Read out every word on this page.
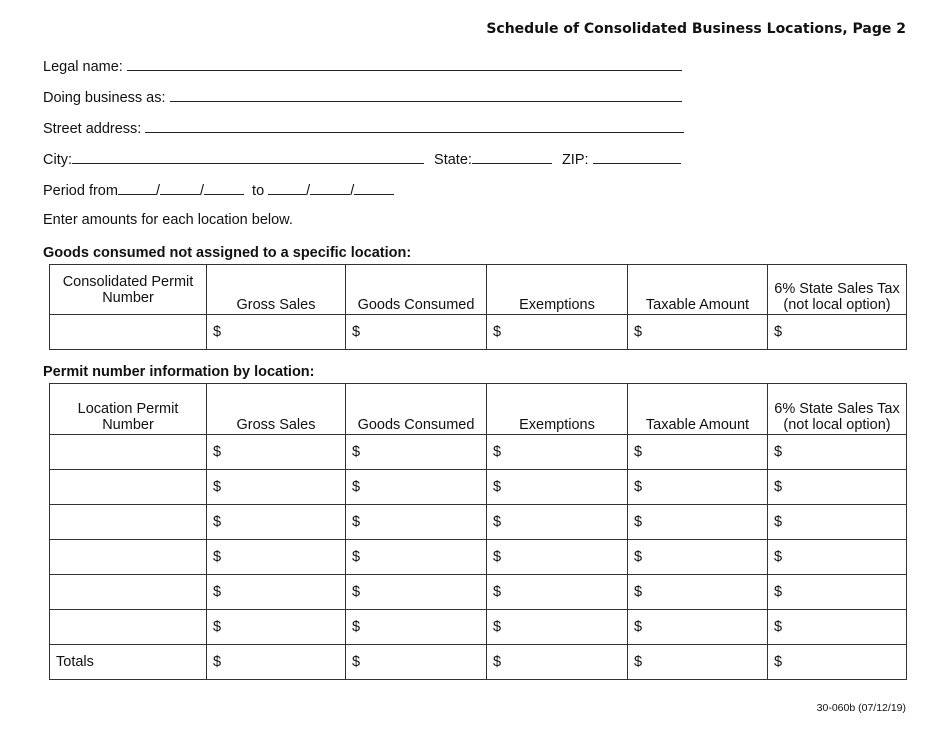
Schedule of Consolidated Business Locations, Page 2
Legal name:
Doing business as:
Street address:
City:	State:	ZIP:
Period from	/	/	to	/	/
Enter amounts for each location below.
Goods consumed not assigned to a specific location:
Consolidated Permit Number	Gross Sales	Goods Consumed	Exemptions	Taxable Amount	6% State Sales Tax (not local option)
	$	$	$	$	$
Permit number information by location:
Location Permit Number	Gross Sales	Goods Consumed	Exemptions	Taxable Amount	6% State Sales Tax (not local option)
	$	$	$	$	$
	$	$	$	$	$
	$	$	$	$	$
	$	$	$	$	$
	$	$	$	$	$
	$	$	$	$	$
Totals	$	$	$	$	$
30-060b (07/12/19)
